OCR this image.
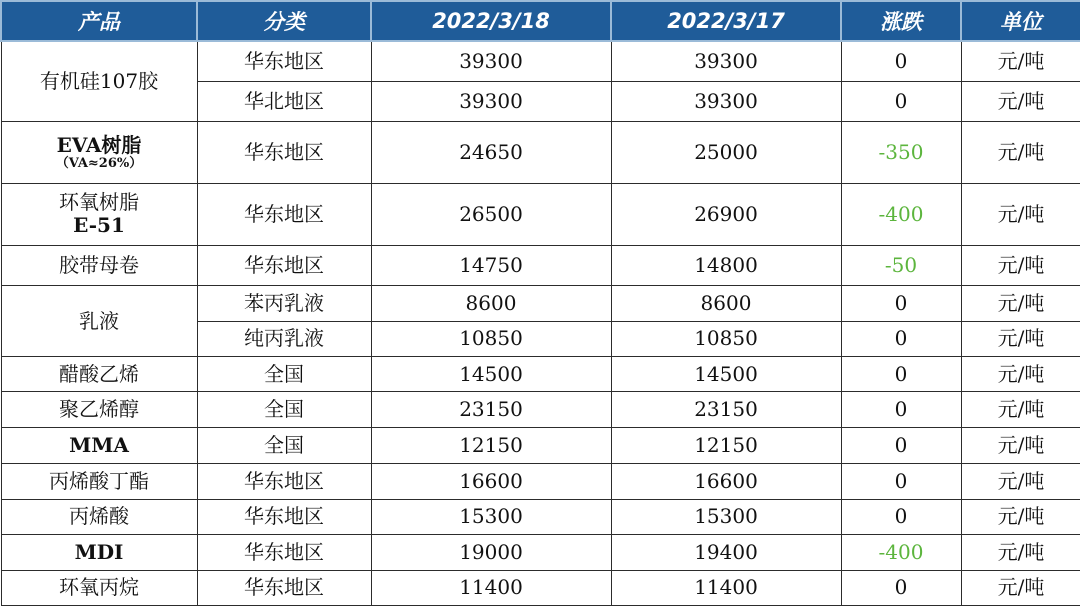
产品	分类	2022/3/18	2022/3/17	涨跌	单位
有机硅107胶	华东地区	39300	39300	0	元/吨
	华北地区	39300	39300	0	元/吨
EVA树脂
（VA≈26%）	华东地区	24650	25000	-350	元/吨
环氧树脂
E-51	华东地区	26500	26900	-400	元/吨
胶带母卷	华东地区	14750	14800	-50	元/吨
乳液	苯丙乳液	8600	8600	0	元/吨
	纯丙乳液	10850	10850	0	元/吨
醋酸乙烯	全国	14500	14500	0	元/吨
聚乙烯醇	全国	23150	23150	0	元/吨
MMA	全国	12150	12150	0	元/吨
丙烯酸丁酯	华东地区	16600	16600	0	元/吨
丙烯酸	华东地区	15300	15300	0	元/吨
MDI	华东地区	19000	19400	-400	元/吨
环氧丙烷	华东地区	11400	11400	0	元/吨
